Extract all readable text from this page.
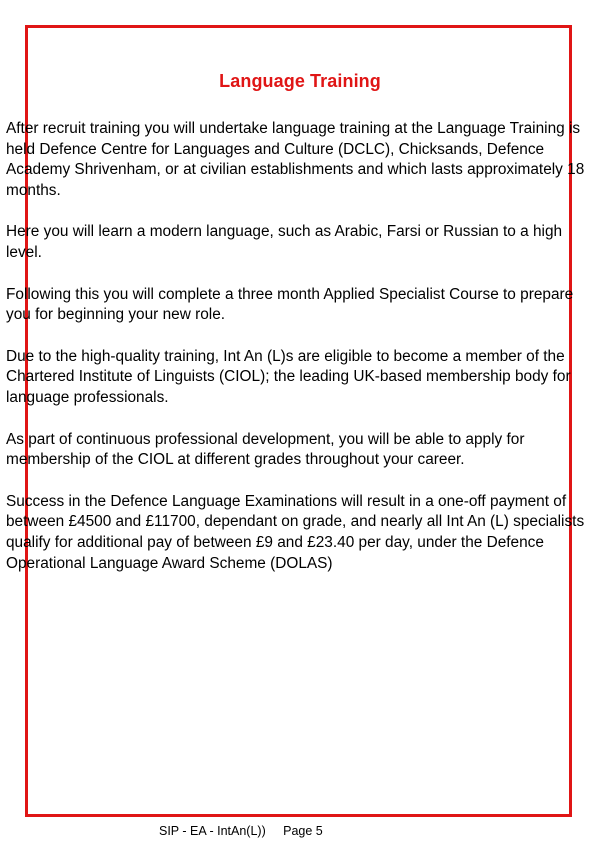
Language Training

After recruit training you will undertake language training at the Language Training is held Defence Centre for Languages and Culture (DCLC), Chicksands, Defence Academy Shrivenham, or at civilian establishments and which lasts approximately 18 months.

Here you will learn a modern language, such as Arabic, Farsi or Russian to a high level.

Following this you will complete a three month Applied Specialist Course to prepare you for beginning your new role.

Due to the high-quality training, Int An (L)s are eligible to become a member of the Chartered Institute of Linguists (CIOL); the leading UK-based membership body for language professionals.

As part of continuous professional development, you will be able to apply for membership of the CIOL at different grades throughout your career.

Success in the Defence Language Examinations will result in a one-off payment of between £4500 and £11700, dependant on grade, and nearly all Int An (L) specialists qualify for additional pay of between £9 and £23.40 per day, under the Defence Operational Language Award Scheme (DOLAS)

SIP - EA - IntAn(L)) Page 5
